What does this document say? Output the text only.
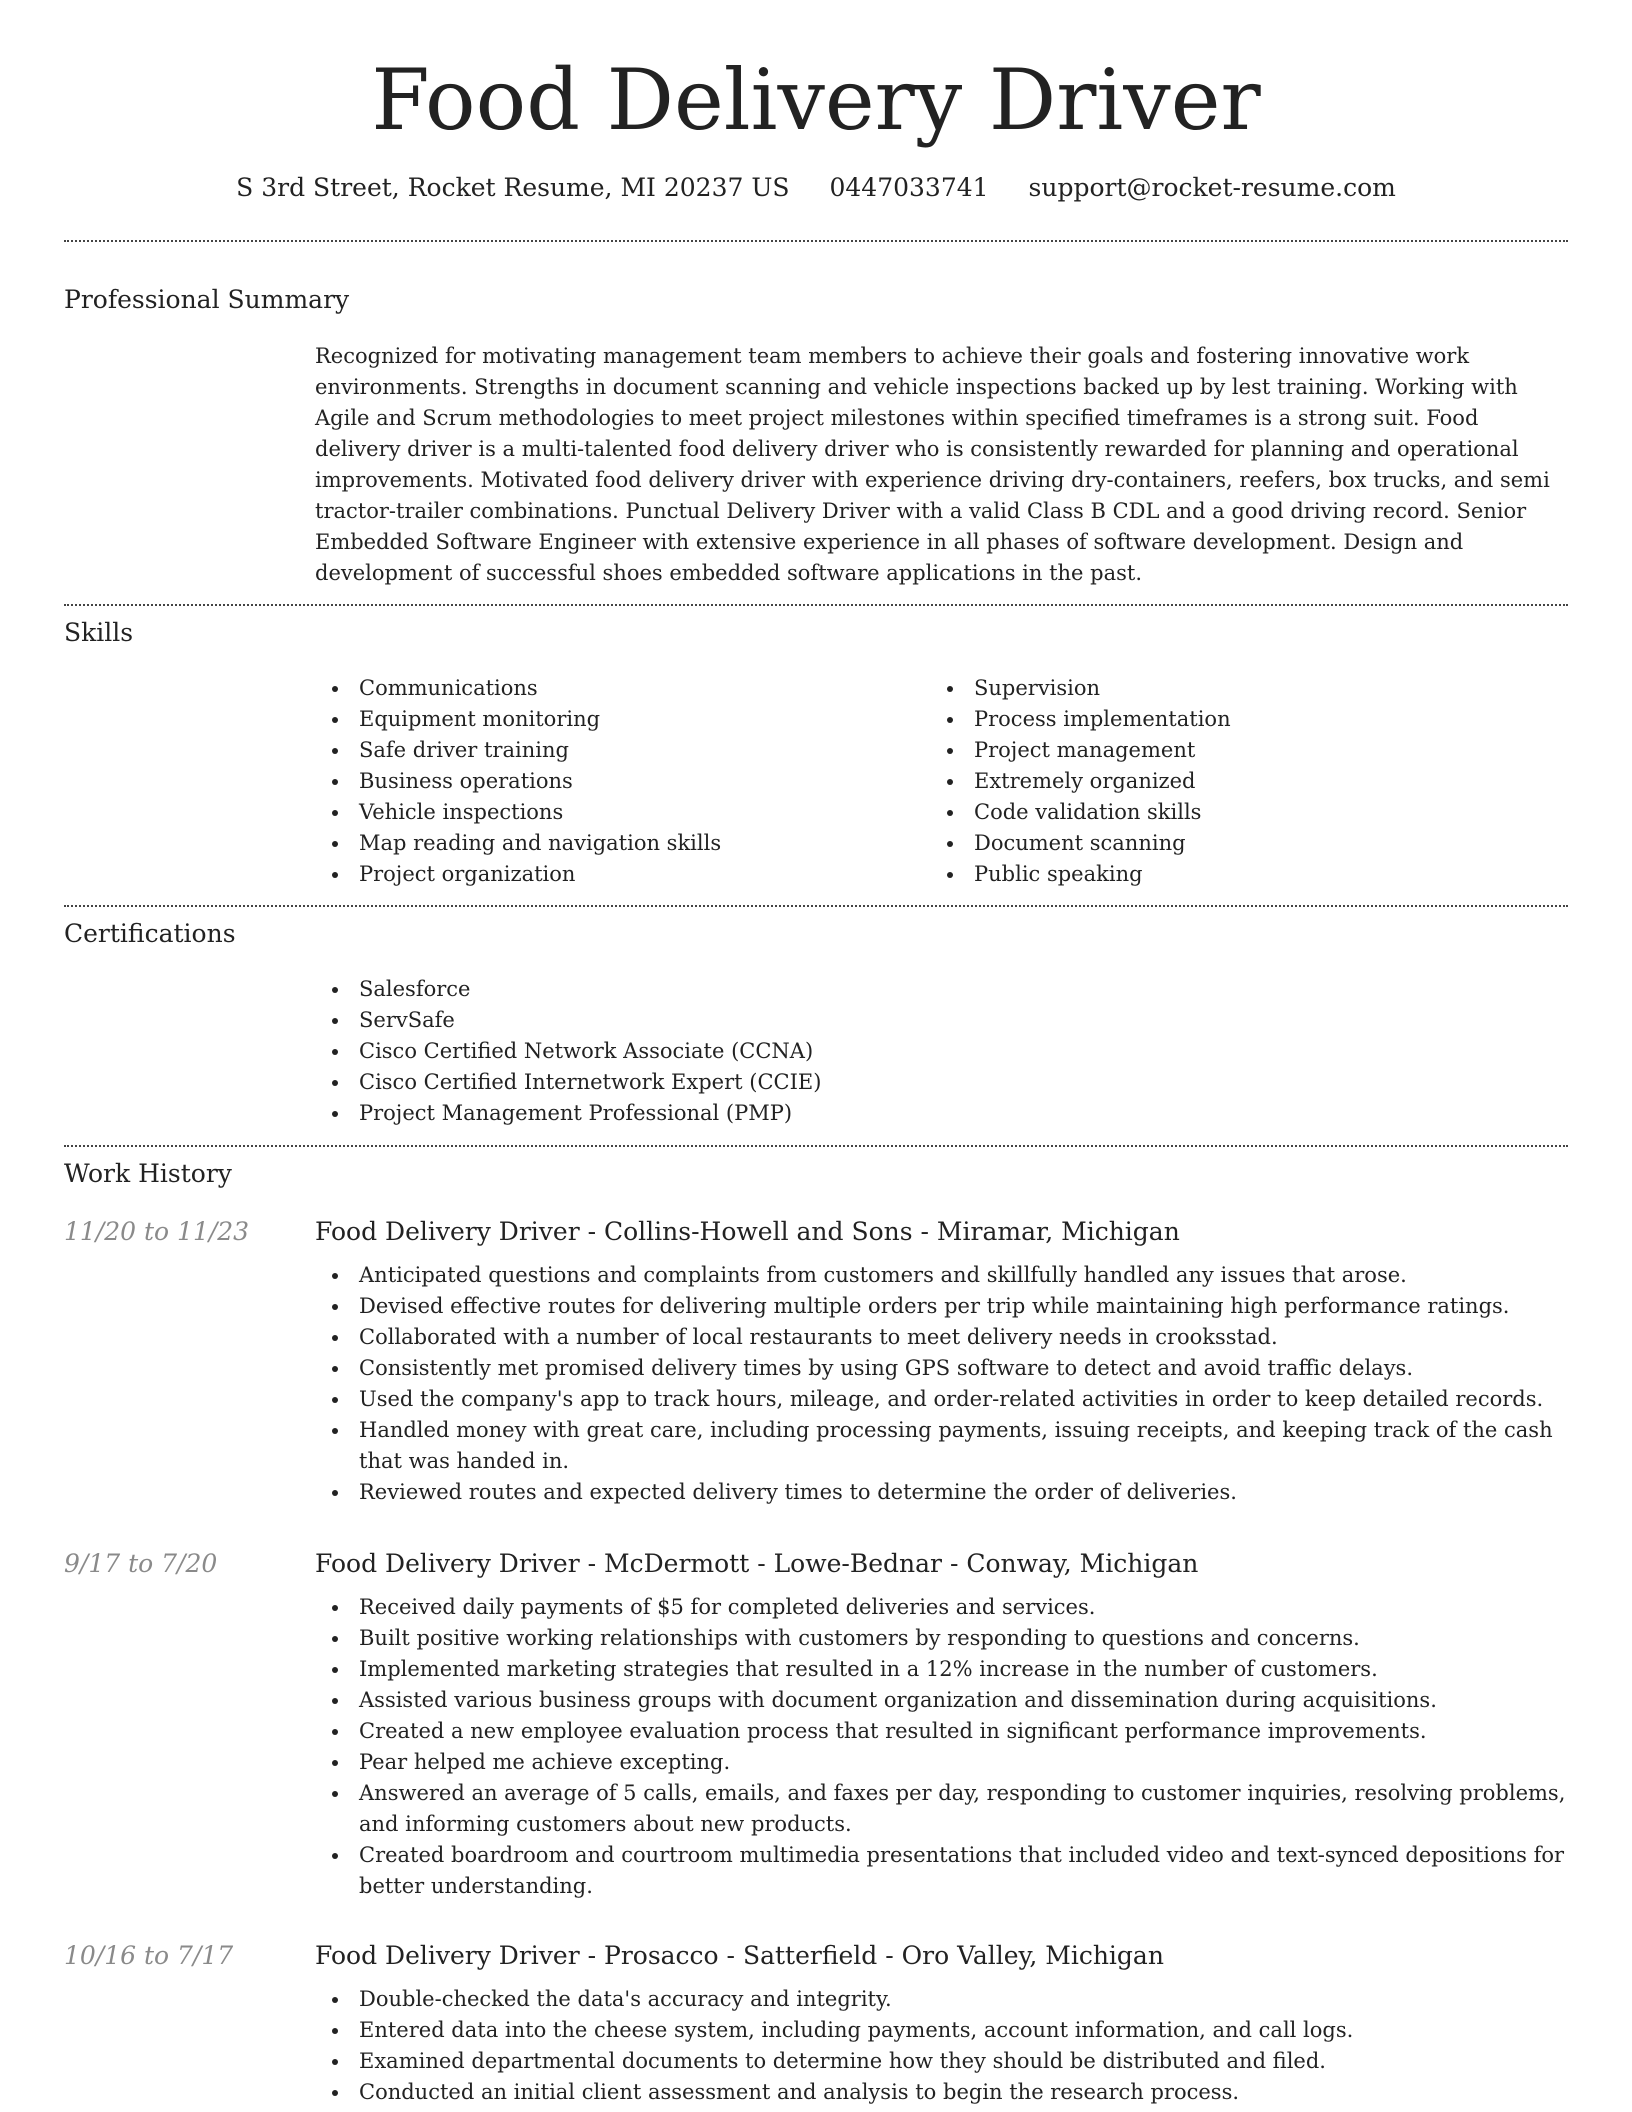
Food Delivery Driver
S 3rd Street, Rocket Resume, MI 20237 US 0447033741 support@rocket-resume.com
Professional Summary

Recognized for motivating management team members to achieve their goals and fostering innovative work environments. Strengths in document scanning and vehicle inspections backed up by lest training. Working with Agile and Scrum methodologies to meet project milestones within specified timeframes is a strong suit. Food delivery driver is a multi-talented food delivery driver who is consistently rewarded for planning and operational improvements. Motivated food delivery driver with experience driving dry-containers, reefers, box trucks, and semi tractor-trailer combinations. Punctual Delivery Driver with a valid Class B CDL and a good driving record. Senior Embedded Software Engineer with extensive experience in all phases of software development. Design and development of successful shoes embedded software applications in the past.

Skills
Communications
Equipment monitoring
Safe driver training
Business operations
Vehicle inspections
Map reading and navigation skills
Project organization
Supervision
Process implementation
Project management
Extremely organized
Code validation skills
Document scanning
Public speaking
Certifications
Salesforce
ServSafe
Cisco Certified Network Associate (CCNA)
Cisco Certified Internetwork Expert (CCIE)
Project Management Professional (PMP)
Work History
11/20 to 11/23	Food Delivery Driver - Collins-Howell and Sons - Miramar, Michigan
Anticipated questions and complaints from customers and skillfully handled any issues that arose.
Devised effective routes for delivering multiple orders per trip while maintaining high performance ratings.
Collaborated with a number of local restaurants to meet delivery needs in crooksstad.
Consistently met promised delivery times by using GPS software to detect and avoid traffic delays.
Used the company's app to track hours, mileage, and order-related activities in order to keep detailed records.
Handled money with great care, including processing payments, issuing receipts, and keeping track of the cash that was handed in.
Reviewed routes and expected delivery times to determine the order of deliveries.
9/17 to 7/20	Food Delivery Driver - McDermott - Lowe-Bednar - Conway, Michigan
Received daily payments of $5 for completed deliveries and services.
Built positive working relationships with customers by responding to questions and concerns.
Implemented marketing strategies that resulted in a 12% increase in the number of customers.
Assisted various business groups with document organization and dissemination during acquisitions.
Created a new employee evaluation process that resulted in significant performance improvements.
Pear helped me achieve excepting.
Answered an average of 5 calls, emails, and faxes per day, responding to customer inquiries, resolving problems, and informing customers about new products.
Created boardroom and courtroom multimedia presentations that included video and text-synced depositions for better understanding.
10/16 to 7/17	Food Delivery Driver - Prosacco - Satterfield - Oro Valley, Michigan
Double-checked the data's accuracy and integrity.
Entered data into the cheese system, including payments, account information, and call logs.
Examined departmental documents to determine how they should be distributed and filed.
Conducted an initial client assessment and analysis to begin the research process.
